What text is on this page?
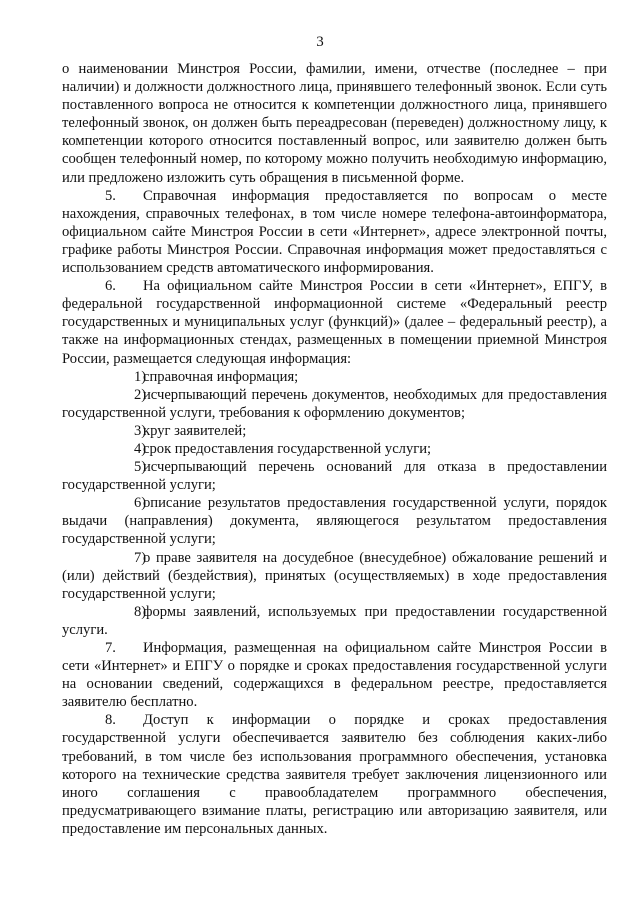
3

о наименовании Минстроя России, фамилии, имени, отчестве (последнее – при наличии) и должности должностного лица, принявшего телефонный звонок. Если суть поставленного вопроса не относится к компетенции должностного лица, принявшего телефонный звонок, он должен быть переадресован (переведен) должностному лицу, к компетенции которого относится поставленный вопрос, или заявителю должен быть сообщен телефонный номер, по которому можно получить необходимую информацию, или предложено изложить суть обращения в письменной форме.

5. Справочная информация предоставляется по вопросам о месте нахождения, справочных телефонах, в том числе номере телефона-автоинформатора, официальном сайте Минстроя России в сети «Интернет», адресе электронной почты, графике работы Минстроя России. Справочная информация может предоставляться с использованием средств автоматического информирования.

6. На официальном сайте Минстроя России в сети «Интернет», ЕПГУ, в федеральной государственной информационной системе «Федеральный реестр государственных и муниципальных услуг (функций)» (далее – федеральный реестр), а также на информационных стендах, размещенных в помещении приемной Минстроя России, размещается следующая информация:

1)справочная информация;

2)исчерпывающий перечень документов, необходимых для предоставления государственной услуги, требования к оформлению документов;

3)круг заявителей;

4)срок предоставления государственной услуги;

5)исчерпывающий перечень оснований для отказа в предоставлении государственной услуги;

6)описание результатов предоставления государственной услуги, порядок выдачи (направления) документа, являющегося результатом предоставления государственной услуги;

7)о праве заявителя на досудебное (внесудебное) обжалование решений и (или) действий (бездействия), принятых (осуществляемых) в ходе предоставления государственной услуги;

8)формы заявлений, используемых при предоставлении государственной услуги.

7. Информация, размещенная на официальном сайте Минстроя России в сети «Интернет» и ЕПГУ о порядке и сроках предоставления государственной услуги на основании сведений, содержащихся в федеральном реестре, предоставляется заявителю бесплатно.

8. Доступ к информации о порядке и сроках предоставления государственной услуги обеспечивается заявителю без соблюдения каких-либо требований, в том числе без использования программного обеспечения, установка которого на технические средства заявителя требует заключения лицензионного или иного соглашения с правообладателем программного обеспечения, предусматривающего взимание платы, регистрацию или авторизацию заявителя, или предоставление им персональных данных.
